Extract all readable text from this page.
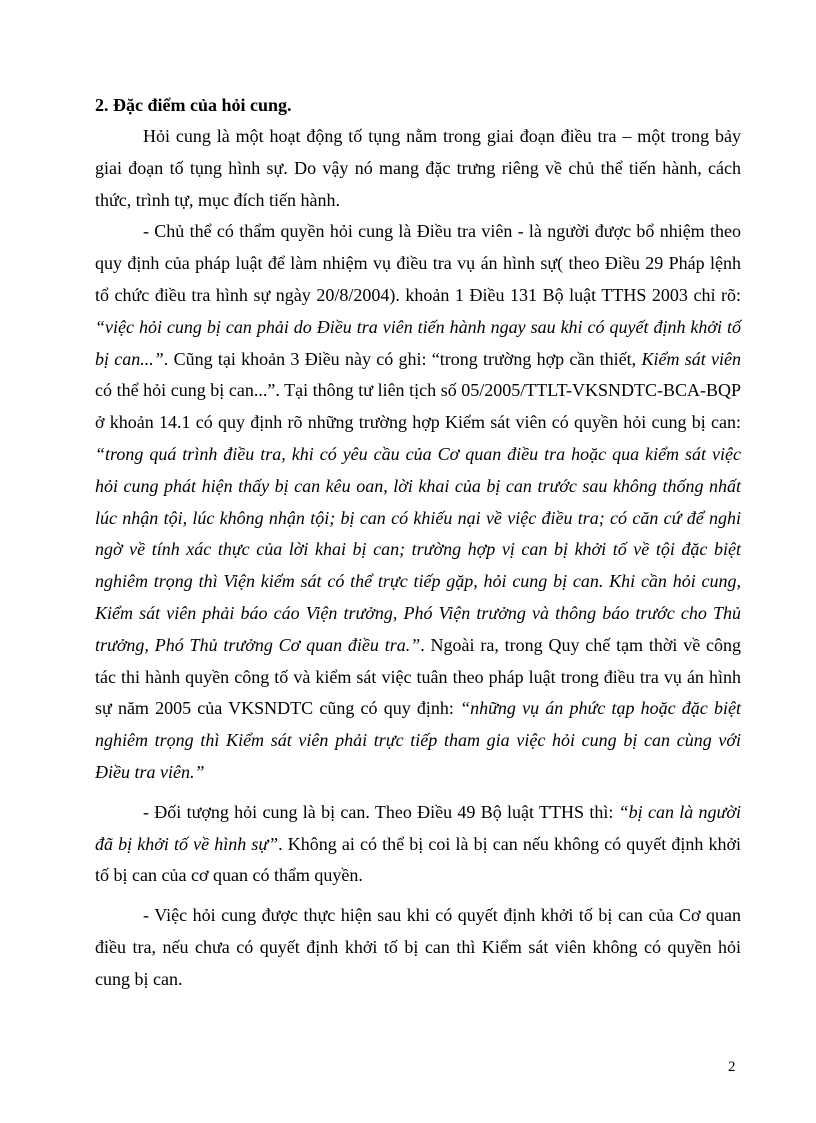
2. Đặc điểm của hỏi cung.

Hỏi cung là một hoạt động tố tụng nằm trong giai đoạn điều tra – một trong bảy giai đoạn tố tụng hình sự. Do vậy nó mang đặc trưng riêng về chủ thể tiến hành, cách thức, trình tự, mục đích tiến hành.

- Chủ thể có thẩm quyền hỏi cung là Điều tra viên - là người được bổ nhiệm theo quy định của pháp luật để làm nhiệm vụ điều tra vụ án hình sự( theo Điều 29 Pháp lệnh tổ chức điều tra hình sự ngày 20/8/2004). khoản 1 Điều 131 Bộ luật TTHS 2003 chỉ rõ: “việc hỏi cung bị can phải do Điều tra viên tiến hành ngay sau khi có quyết định khởi tố bị can...”. Cũng tại khoản 3 Điều này có ghi: “trong trường hợp cần thiết, Kiểm sát viên có thể hỏi cung bị can...”. Tại thông tư liên tịch số 05/2005/TTLT-VKSNDTC-BCA-BQP ở khoản 14.1 có quy định rõ những trường hợp Kiểm sát viên có quyền hỏi cung bị can: “trong quá trình điều tra, khi có yêu cầu của Cơ quan điều tra hoặc qua kiểm sát việc hỏi cung phát hiện thấy bị can kêu oan, lời khai của bị can trước sau không thống nhất lúc nhận tội, lúc không nhận tội; bị can có khiếu nại về việc điều tra; có căn cứ để nghi ngờ về tính xác thực của lời khai bị can; trường hợp vị can bị khởi tố về tội đặc biệt nghiêm trọng thì Viện kiểm sát có thể trực tiếp gặp, hỏi cung bị can. Khi cần hỏi cung, Kiểm sát viên phải báo cáo Viện trưởng, Phó Viện trưởng và thông báo trước cho Thủ trưởng, Phó Thủ trưởng Cơ quan điều tra.”. Ngoài ra, trong Quy chế tạm thời về công tác thi hành quyền công tố và kiểm sát việc tuân theo pháp luật trong điều tra vụ án hình sự năm 2005 của VKSNDTC cũng có quy định: “những vụ án phức tạp hoặc đặc biệt nghiêm trọng thì Kiểm sát viên phải trực tiếp tham gia việc hỏi cung bị can cùng với Điều tra viên.”

- Đối tượng hỏi cung là bị can. Theo Điều 49 Bộ luật TTHS thì: “bị can là người đã bị khởi tố về hình sự”. Không ai có thể bị coi là bị can nếu không có quyết định khởi tố bị can của cơ quan có thẩm quyền.

- Việc hỏi cung được thực hiện sau khi có quyết định khởi tố bị can của Cơ quan điều tra, nếu chưa có quyết định khởi tố bị can thì Kiểm sát viên không có quyền hỏi cung bị can.

2
